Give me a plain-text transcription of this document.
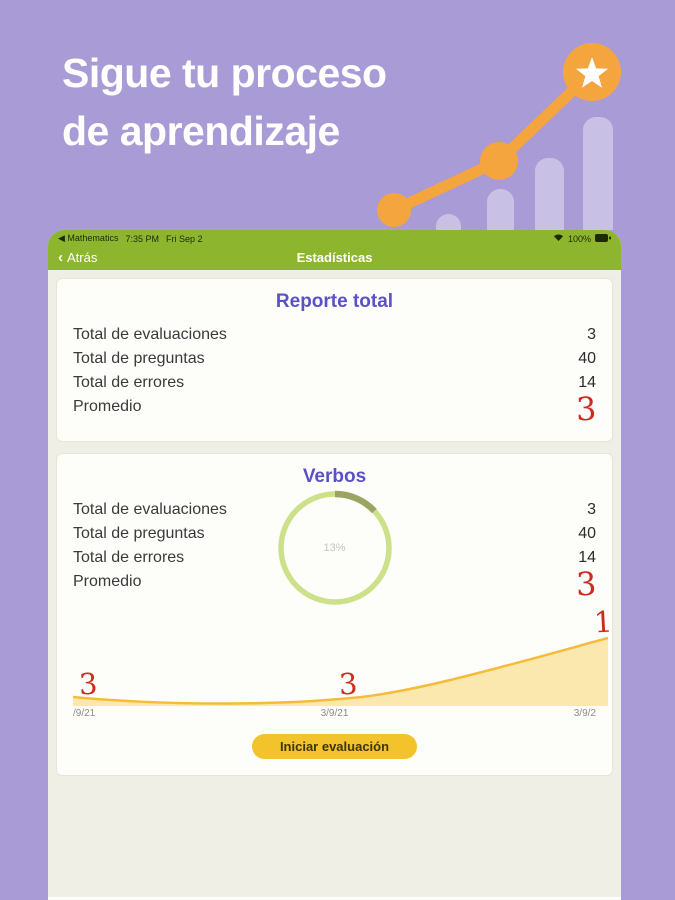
Sigue tu proceso
de aprendizaje
◀ Mathematics 7:35 PM Fri Sep 2	100%
‹ Atrás	Estadísticas
Reporte total
Total de evaluaciones	3
Total de preguntas	40
Total de errores	14
Promedio	3
Verbos
13%
Total de evaluaciones	3
Total de preguntas	40
Total de errores	14
Promedio	3
3	3
1
/9/21	3/9/21	3/9/2
Iniciar evaluación
